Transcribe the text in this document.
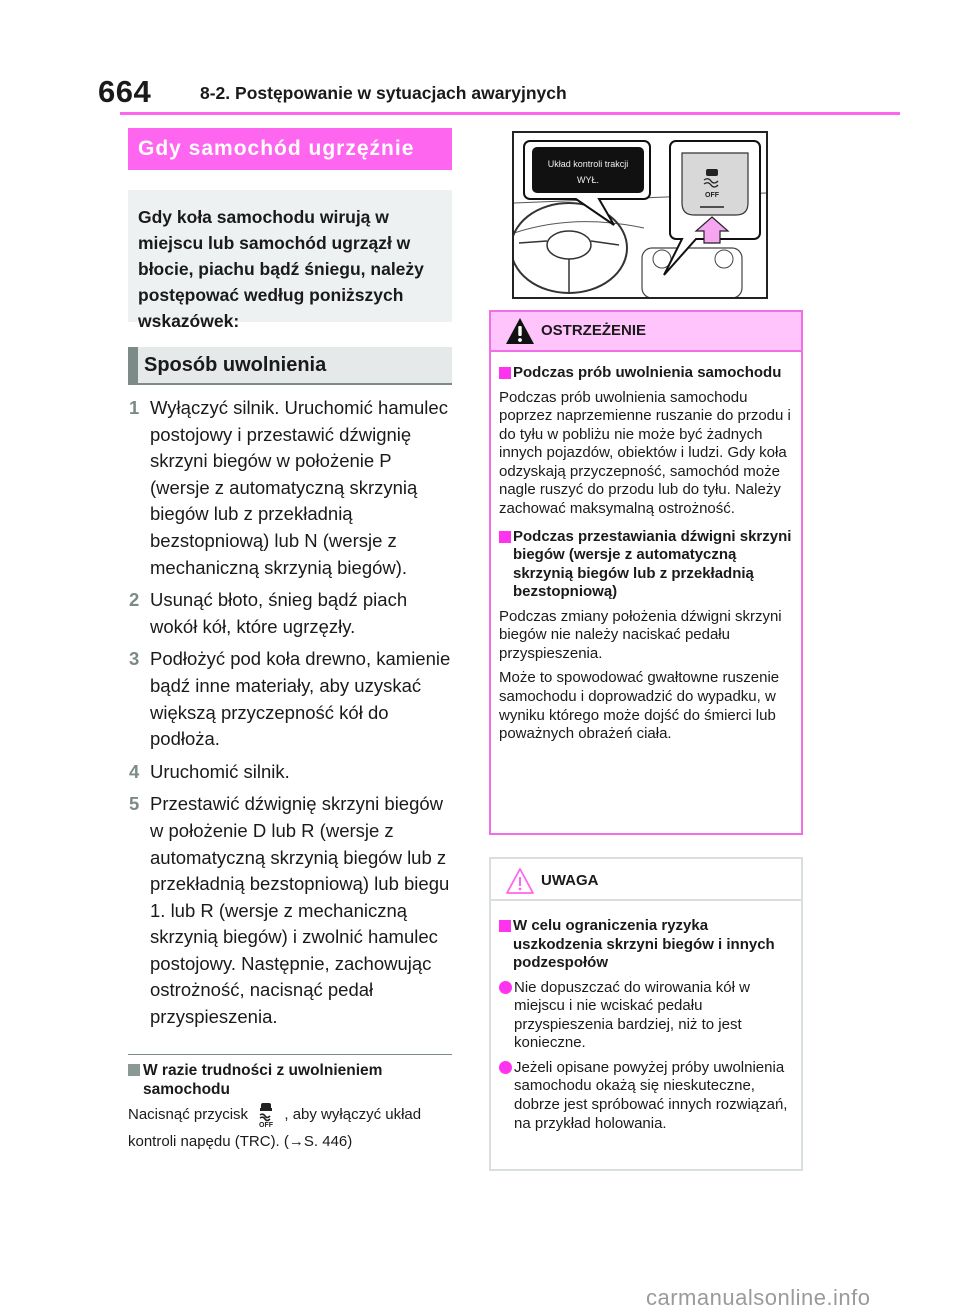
664	8-2. Postępowanie w sytuacjach awaryjnych
Gdy samochód ugrzęźnie
Gdy koła samochodu wirują w miejscu lub samochód ugrzązł w błocie, piachu bądź śniegu, należy postępować według poniższych wskazówek:
Sposób uwolnienia
1 Wyłączyć silnik. Uruchomić hamulec postojowy i przestawić dźwignię skrzyni biegów w położenie P (wersje z automatyczną skrzynią biegów lub z przekładnią bezstopniową) lub N (wersje z mechaniczną skrzynią biegów).
2 Usunąć błoto, śnieg bądź piach wokół kół, które ugrzęzły.
3 Podłożyć pod koła drewno, kamienie bądź inne materiały, aby uzyskać większą przyczepność kół do podłoża.
4 Uruchomić silnik.
5 Przestawić dźwignię skrzyni biegów w położenie D lub R (wersje z automatyczną skrzynią biegów lub z przekładnią bezstopniową) lub biegu 1. lub R (wersje z mechaniczną skrzynią biegów) i zwolnić hamulec postojowy. Następnie, zachowując ostrożność, nacisnąć pedał przyspieszenia.
W razie trudności z uwolnieniem samochodu
Nacisnąć przycisk
OFF
, aby wyłączyć układ kontroli napędu (TRC). (→S. 446)
Układ kontroli trakcji
WYŁ.
OFF
OSTRZEŻENIE
Podczas prób uwolnienia samochodu
Podczas prób uwolnienia samochodu poprzez naprzemienne ruszanie do przodu i do tyłu w pobliżu nie może być żadnych innych pojazdów, obiektów i ludzi. Gdy koła odzyskają przyczepność, samochód może nagle ruszyć do przodu lub do tyłu. Należy zachować maksymalną ostrożność.
Podczas przestawiania dźwigni skrzyni biegów (wersje z automatyczną skrzynią biegów lub z przekładnią bezstopniową)
Podczas zmiany położenia dźwigni skrzyni biegów nie należy naciskać pedału przyspieszenia.
Może to spowodować gwałtowne ruszenie samochodu i doprowadzić do wypadku, w wyniku którego może dojść do śmierci lub poważnych obrażeń ciała.
UWAGA
W celu ograniczenia ryzyka uszkodzenia skrzyni biegów i innych podzespołów
Nie dopuszczać do wirowania kół w miejscu i nie wciskać pedału przyspieszenia bardziej, niż to jest konieczne.
Jeżeli opisane powyżej próby uwolnienia samochodu okażą się nieskuteczne, dobrze jest spróbować innych rozwiązań, na przykład holowania.
carmanualsonline.info
